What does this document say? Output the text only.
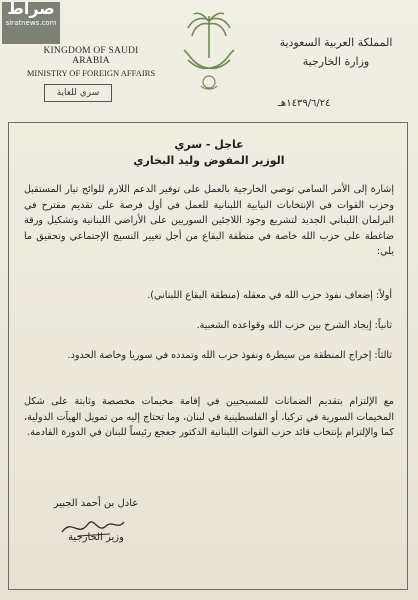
صراط
siratnews.com
KINGDOM OF SAUDI ARABIA
MINISTRY OF FOREIGN AFFAIRS
سري للغاية
المملكة العربية السعودية
وزارة الخارجية
١٤٣٩/٦/٢٤هـ
عاجل - سري
الوزير المفوض وليد البخاري
إشارة إلى الأمر السامي توصي الخارجية بالعمل على توفير الدعم اللازم للوائح تيار المستقبل وحزب القوات في الإنتخابات النيابية اللبنانية للعمل في أول فرصة على تقديم مقترح في البرلمان اللبناني الجديد لتشريع وجود اللاجئين السوريين على الأراضي اللبنانية وتشكيل ورقة ضاغطة على حزب الله خاصة في منطقة البقاع من أجل تغيير النسيج الإجتماعي وتحقيق ما يلي:
أولاً: إضعاف نفوذ حزب الله في معقله (منطقة البقاع اللبناني).
ثانياً: إيجاد الشرخ بين حزب الله وقواعده الشعبية.
ثالثاً: إخراج المنطقة من سيطرة ونفوذ حزب الله وتمدده في سوريا وخاصة الحدود.
مع الإلتزام بتقديم الضمانات للمسيحيين في إقامة مخيمات مخصصة وثابتة على شكل المخيمات السورية في تركيا، أو الفلسطينية في لبنان، وما تحتاج إليه من تمويل الهيآت الدولية، كما والإلتزام بإنتخاب قائد حزب القوات اللبنانية الدكتور جعجع رئيساً للبنان في الدورة القادمة.
عادل بن أحمد الجبير
وزير الخارجية
